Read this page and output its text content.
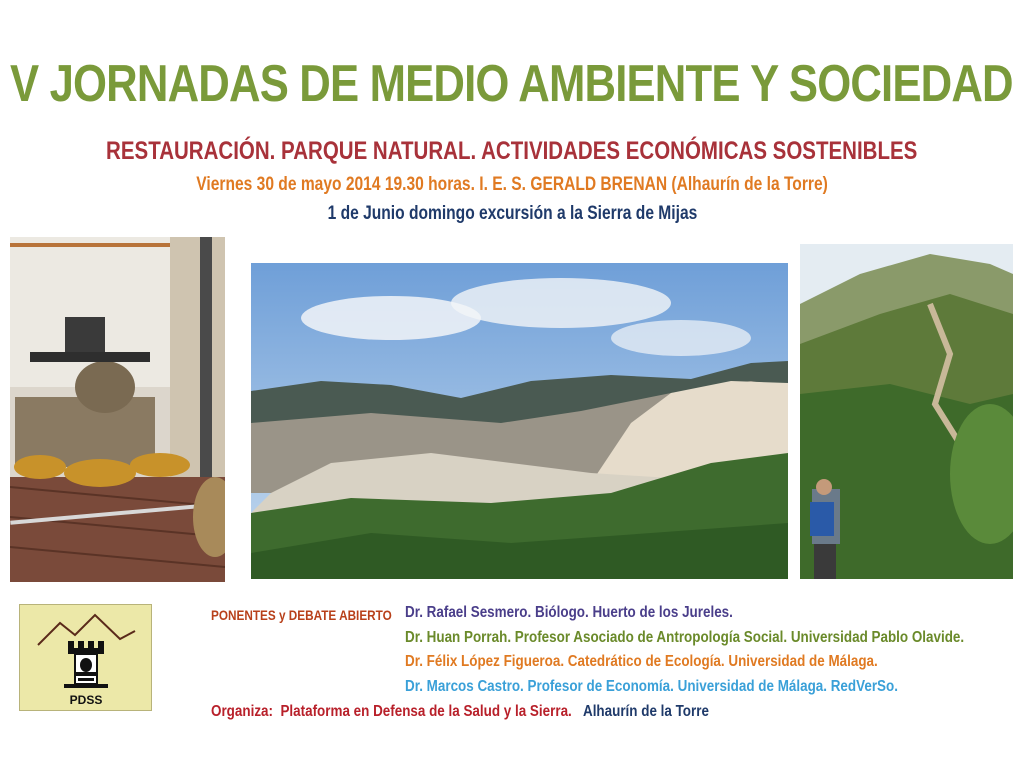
V JORNADAS DE MEDIO AMBIENTE Y SOCIEDAD
RESTAURACIÓN. PARQUE NATURAL. ACTIVIDADES ECONÓMICAS SOSTENIBLES
Viernes 30 de mayo 2014 19.30 horas. I. E. S. GERALD BRENAN (Alhaurín de la Torre)
1 de Junio domingo excursión a la Sierra de Mijas
PDSS
PONENTES y DEBATE ABIERTO Dr. Rafael Sesmero. Biólogo. Huerto de los Jureles.
Dr. Huan Porrah. Profesor Asociado de Antropología Social. Universidad Pablo Olavide.
Dr. Félix López Figueroa. Catedrático de Ecología. Universidad de Málaga.
Dr. Marcos Castro. Profesor de Economía. Universidad de Málaga. RedVerSo.
Organiza: Plataforma en Defensa de la Salud y la Sierra. Alhaurín de la Torre
